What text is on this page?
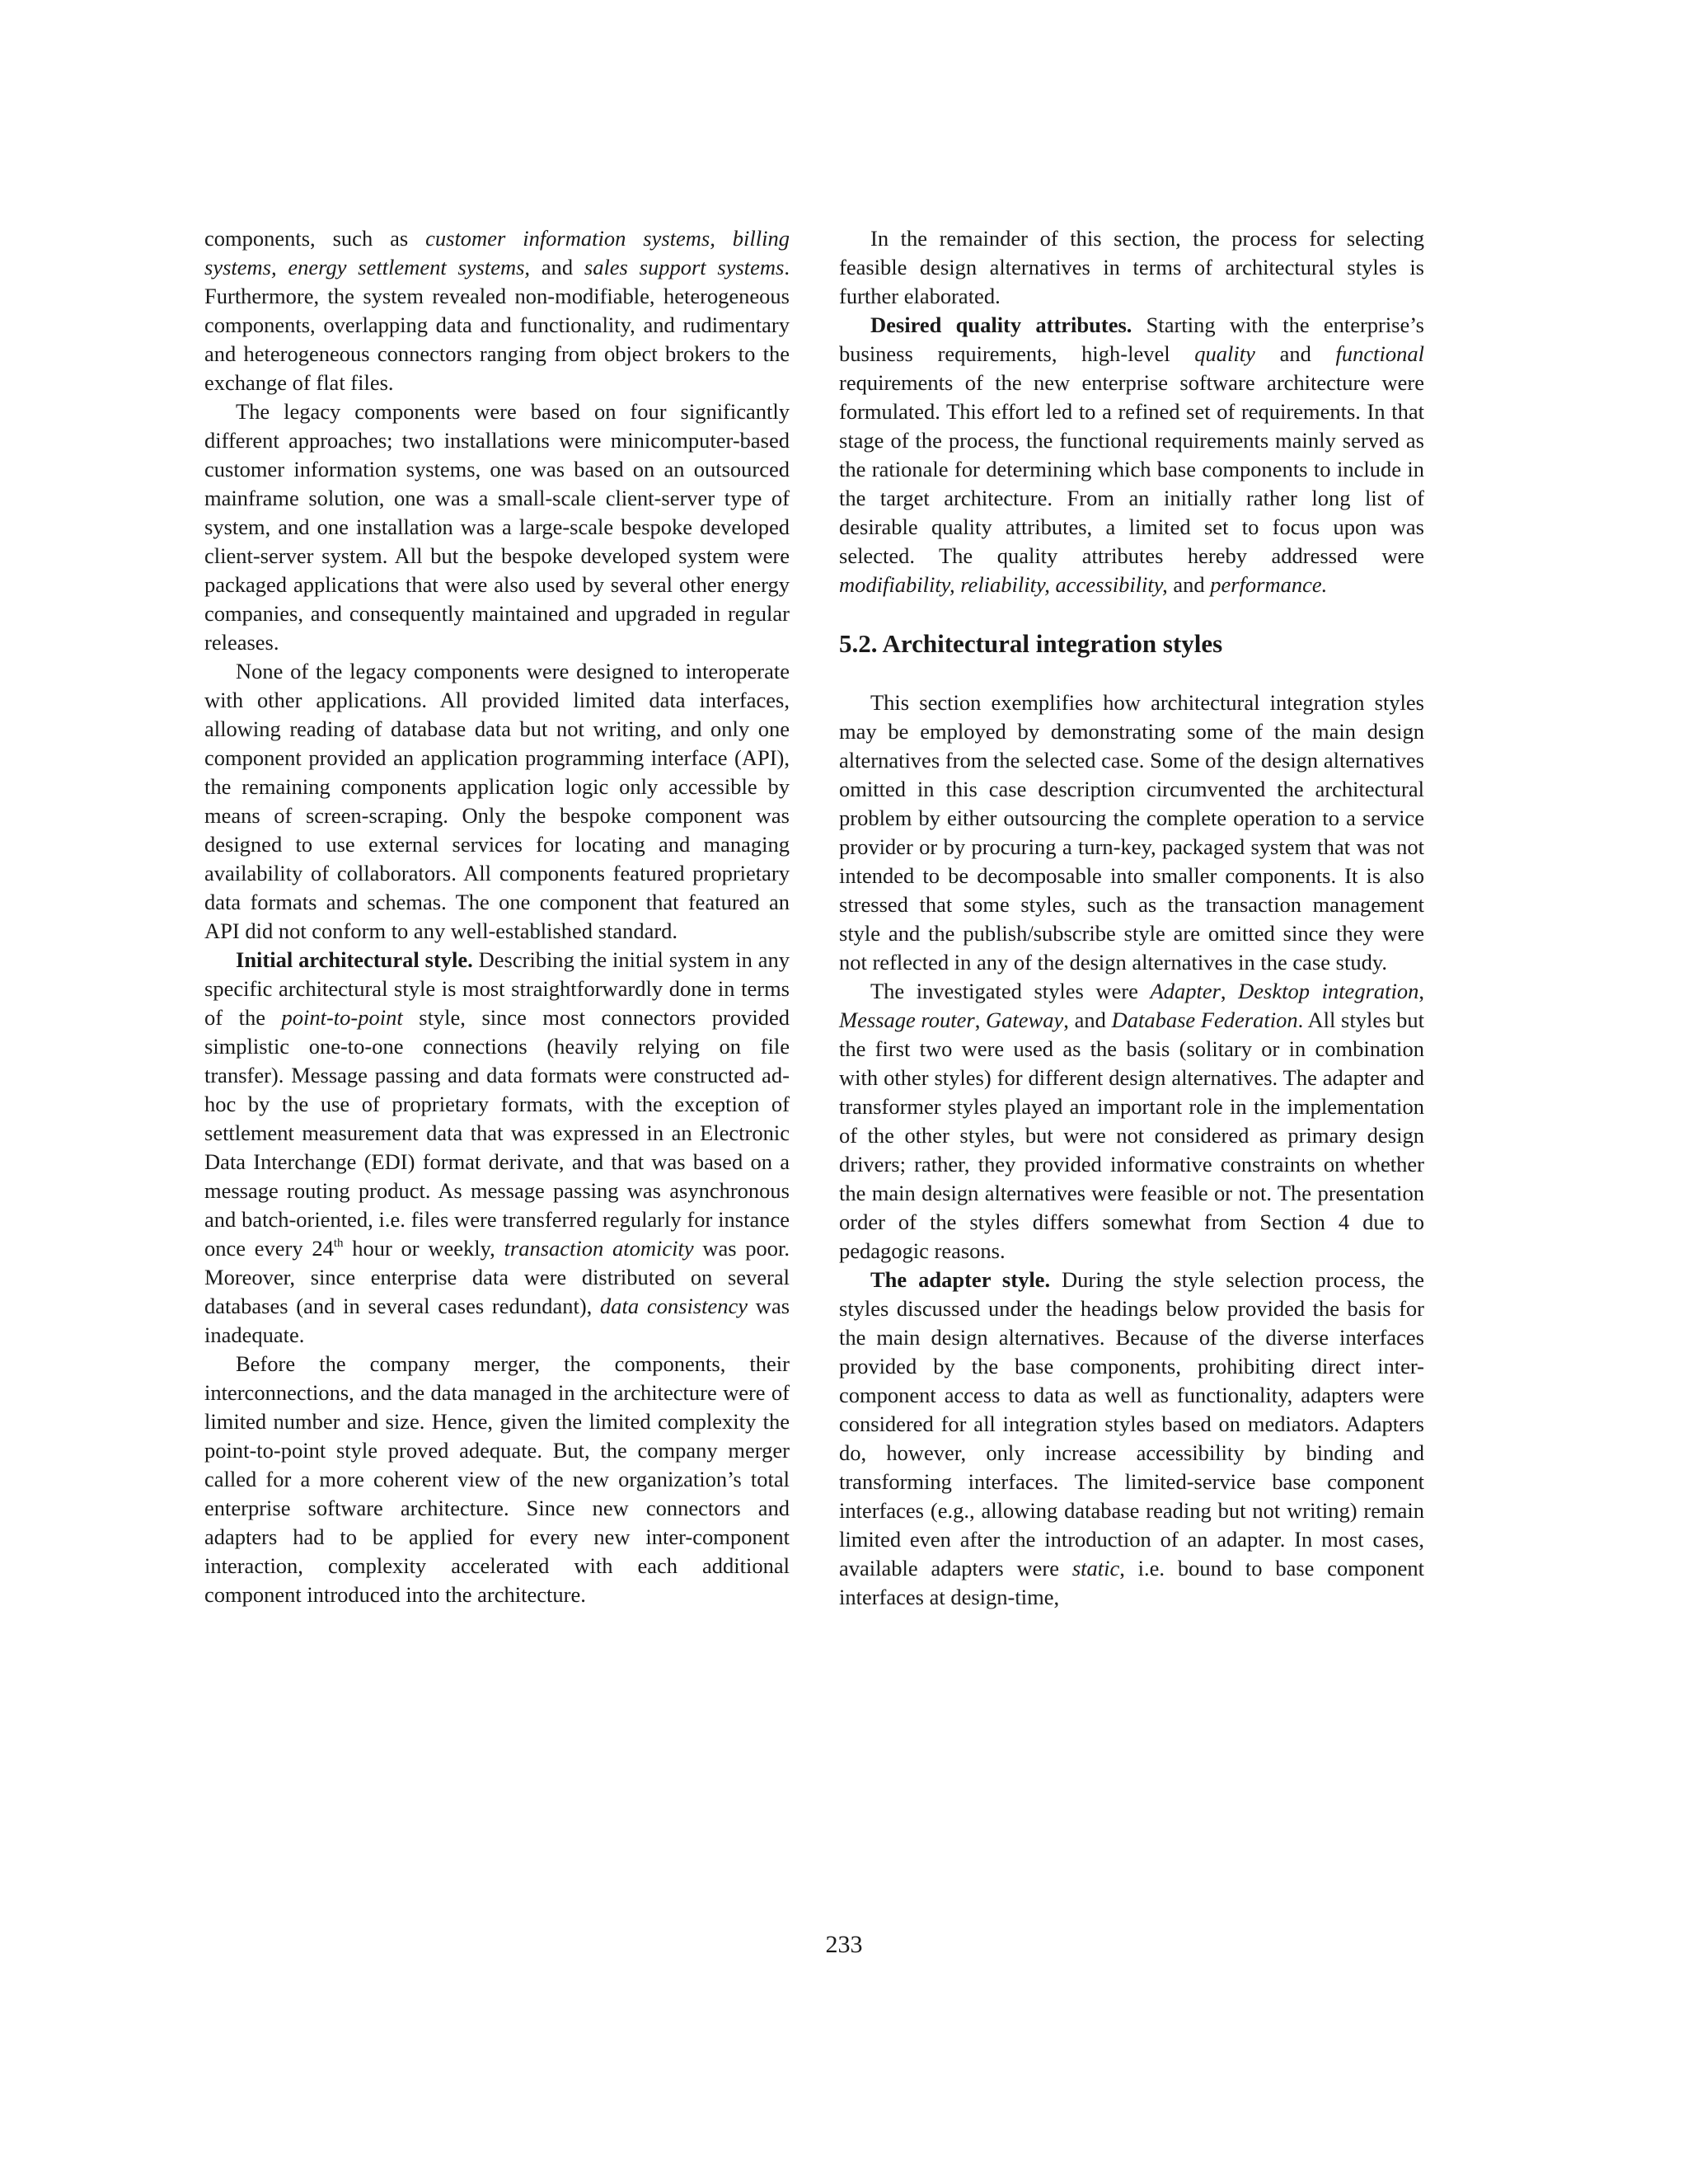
components, such as customer information systems, billing systems, energy settlement systems, and sales support systems. Furthermore, the system revealed non-modifiable, heterogeneous components, overlapping data and functionality, and rudimentary and heterogeneous connectors ranging from object brokers to the exchange of flat files.

The legacy components were based on four significantly different approaches; two installations were minicomputer-based customer information systems, one was based on an outsourced mainframe solution, one was a small-scale client-server type of system, and one installation was a large-scale bespoke developed client-server system. All but the bespoke developed system were packaged applications that were also used by several other energy companies, and consequently maintained and upgraded in regular releases.

None of the legacy components were designed to interoperate with other applications. All provided limited data interfaces, allowing reading of database data but not writing, and only one component provided an application programming interface (API), the remaining components application logic only accessible by means of screen-scraping. Only the bespoke component was designed to use external services for locating and managing availability of collaborators. All components featured proprietary data formats and schemas. The one component that featured an API did not conform to any well-established standard.

Initial architectural style. Describing the initial system in any specific architectural style is most straightforwardly done in terms of the point-to-point style, since most connectors provided simplistic one-to-one connections (heavily relying on file transfer). Message passing and data formats were constructed ad-hoc by the use of proprietary formats, with the exception of settlement measurement data that was expressed in an Electronic Data Interchange (EDI) format derivate, and that was based on a message routing product. As message passing was asynchronous and batch-oriented, i.e. files were transferred regularly for instance once every 24th hour or weekly, transaction atomicity was poor. Moreover, since enterprise data were distributed on several databases (and in several cases redundant), data consistency was inadequate.

Before the company merger, the components, their interconnections, and the data managed in the architecture were of limited number and size. Hence, given the limited complexity the point-to-point style proved adequate. But, the company merger called for a more coherent view of the new organization’s total enterprise software architecture. Since new connectors and adapters had to be applied for every new inter-component interaction, complexity accelerated with each additional component introduced into the architecture.

In the remainder of this section, the process for selecting feasible design alternatives in terms of architectural styles is further elaborated.

Desired quality attributes. Starting with the enterprise’s business requirements, high-level quality and functional requirements of the new enterprise software architecture were formulated. This effort led to a refined set of requirements. In that stage of the process, the functional requirements mainly served as the rationale for determining which base components to include in the target architecture. From an initially rather long list of desirable quality attributes, a limited set to focus upon was selected. The quality attributes hereby addressed were modifiability, reliability, accessibility, and performance.

5.2. Architectural integration styles

This section exemplifies how architectural integration styles may be employed by demonstrating some of the main design alternatives from the selected case. Some of the design alternatives omitted in this case description circumvented the architectural problem by either outsourcing the complete operation to a service provider or by procuring a turn-key, packaged system that was not intended to be decomposable into smaller components. It is also stressed that some styles, such as the transaction management style and the publish/subscribe style are omitted since they were not reflected in any of the design alternatives in the case study.

The investigated styles were Adapter, Desktop integration, Message router, Gateway, and Database Federation. All styles but the first two were used as the basis (solitary or in combination with other styles) for different design alternatives. The adapter and transformer styles played an important role in the implementation of the other styles, but were not considered as primary design drivers; rather, they provided informative constraints on whether the main design alternatives were feasible or not. The presentation order of the styles differs somewhat from Section 4 due to pedagogic reasons.

The adapter style. During the style selection process, the styles discussed under the headings below provided the basis for the main design alternatives. Because of the diverse interfaces provided by the base components, prohibiting direct inter-component access to data as well as functionality, adapters were considered for all integration styles based on mediators. Adapters do, however, only increase accessibility by binding and transforming interfaces. The limited-service base component interfaces (e.g., allowing database reading but not writing) remain limited even after the introduction of an adapter. In most cases, available adapters were static, i.e. bound to base component interfaces at design-time,

233
